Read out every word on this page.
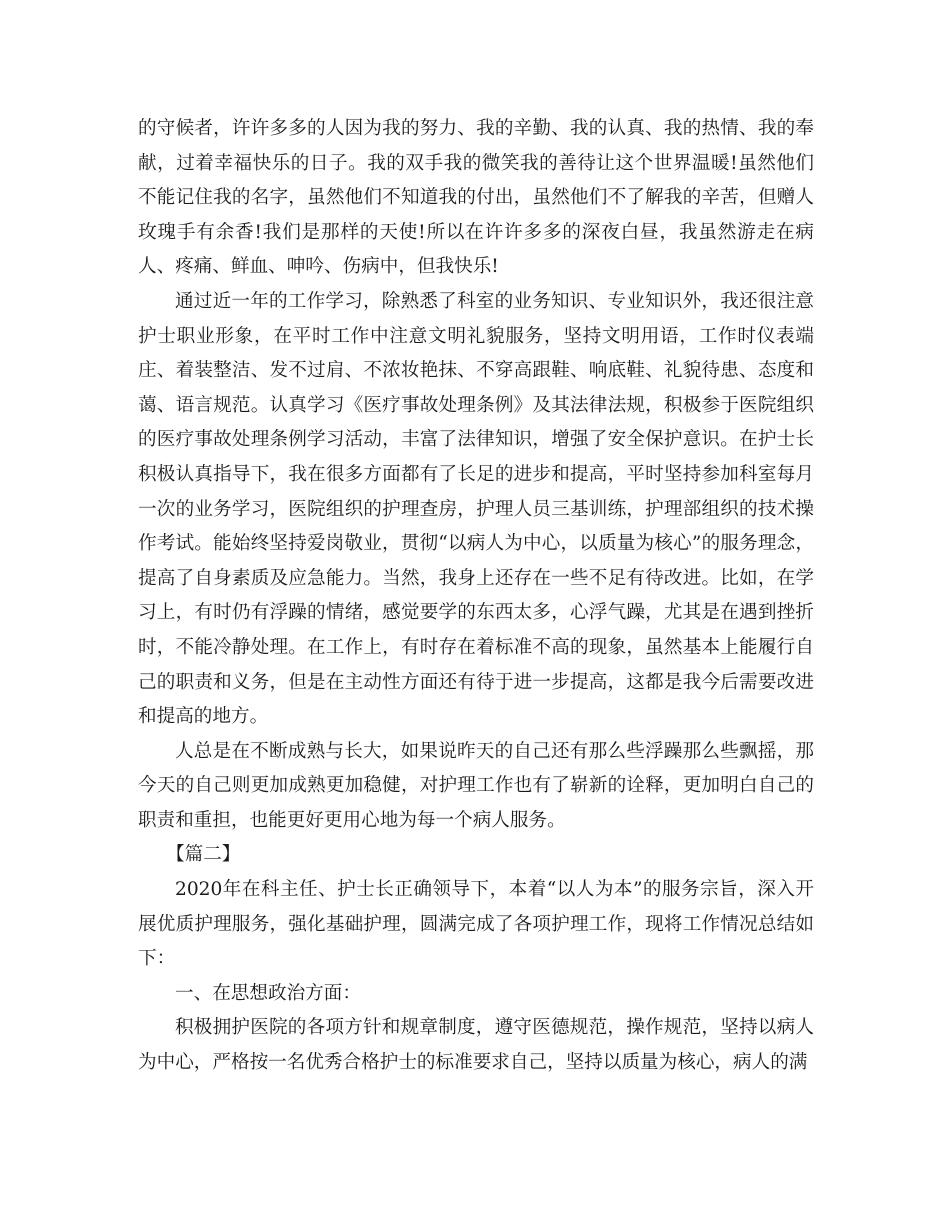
的守候者，许许多多的人因为我的努力、我的辛勤、我的认真、我的热情、我的奉献，过着幸福快乐的日子。我的双手我的微笑我的善待让这个世界温暖!虽然他们不能记住我的名字，虽然他们不知道我的付出，虽然他们不了解我的辛苦，但赠人玫瑰手有余香!我们是那样的天使!所以在许许多多的深夜白昼，我虽然游走在病人、疼痛、鲜血、呻吟、伤病中，但我快乐!

通过近一年的工作学习，除熟悉了科室的业务知识、专业知识外，我还很注意护士职业形象，在平时工作中注意文明礼貌服务，坚持文明用语，工作时仪表端庄、着装整洁、发不过肩、不浓妆艳抹、不穿高跟鞋、响底鞋、礼貌待患、态度和蔼、语言规范。认真学习《医疗事故处理条例》及其法律法规，积极参于医院组织的医疗事故处理条例学习活动，丰富了法律知识，增强了安全保护意识。在护士长积极认真指导下，我在很多方面都有了长足的进步和提高，平时坚持参加科室每月一次的业务学习，医院组织的护理查房，护理人员三基训练，护理部组织的技术操作考试。能始终坚持爱岗敬业，贯彻“以病人为中心，以质量为核心”的服务理念，提高了自身素质及应急能力。当然，我身上还存在一些不足有待改进。比如，在学习上，有时仍有浮躁的情绪，感觉要学的东西太多，心浮气躁，尤其是在遇到挫折时，不能冷静处理。在工作上，有时存在着标准不高的现象，虽然基本上能履行自己的职责和义务，但是在主动性方面还有待于进一步提高，这都是我今后需要改进和提高的地方。

人总是在不断成熟与长大，如果说昨天的自己还有那么些浮躁那么些飘摇，那今天的自己则更加成熟更加稳健，对护理工作也有了崭新的诠释，更加明白自己的职责和重担，也能更好更用心地为每一个病人服务。

【篇二】

2020年在科主任、护士长正确领导下，本着“以人为本”的服务宗旨，深入开展优质护理服务，强化基础护理，圆满完成了各项护理工作，现将工作情况总结如下：

一、在思想政治方面：

积极拥护医院的各项方针和规章制度，遵守医德规范，操作规范，坚持以病人为中心，严格按一名优秀合格护士的标准要求自己，坚持以质量为核心，病人的满
